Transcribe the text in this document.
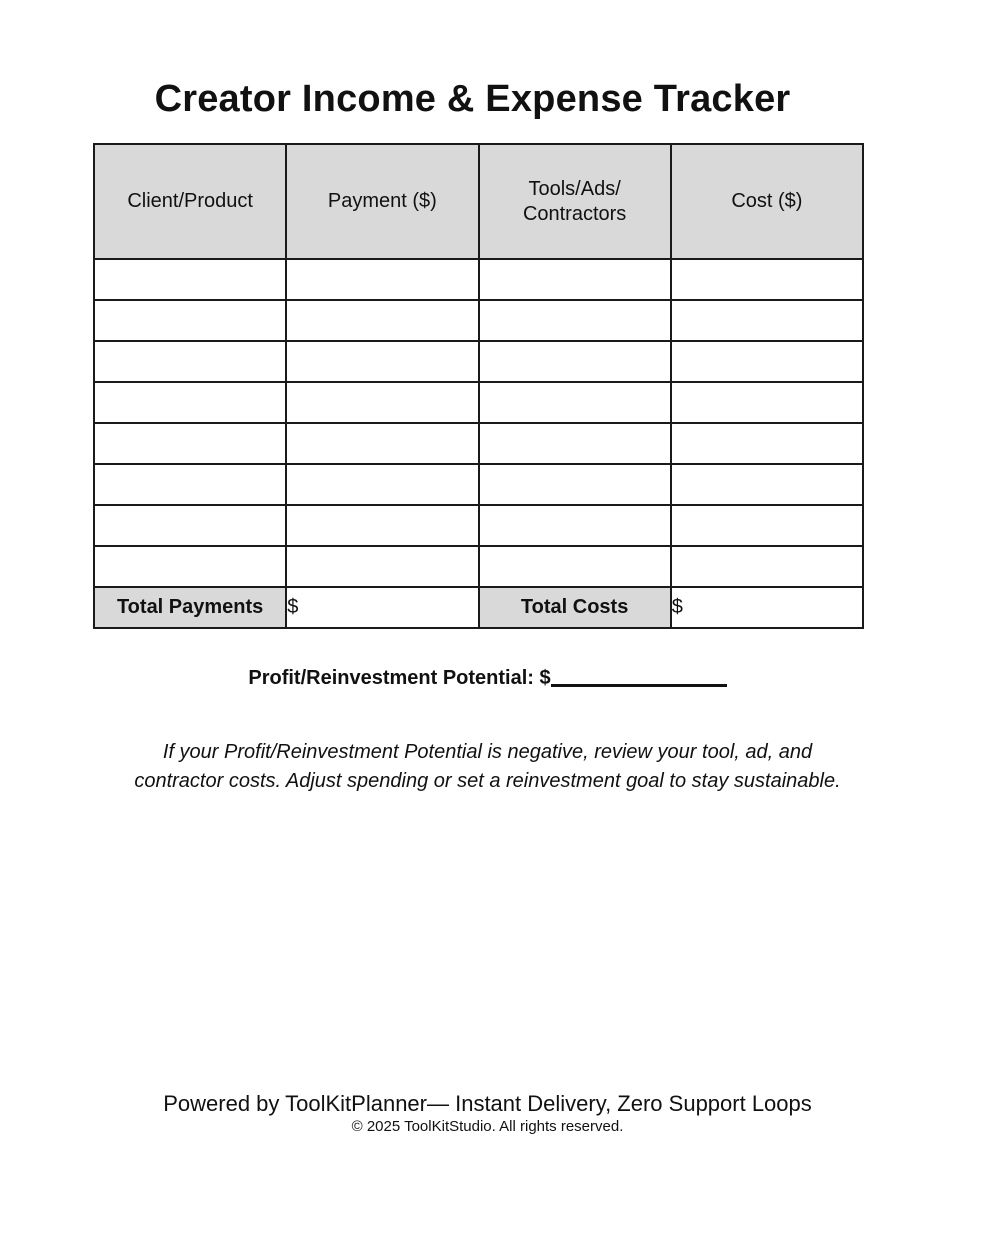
Creator Income & Expense Tracker
Client/Product	Payment ($)	Tools/Ads/ Contractors	Cost ($)

Total Payments	$	Total Costs	$
Profit/Reinvestment Potential: $
If your Profit/Reinvestment Potential is negative, review your tool, ad, and contractor costs. Adjust spending or set a reinvestment goal to stay sustainable.
Powered by ToolKitPlanner— Instant Delivery, Zero Support Loops
© 2025 ToolKitStudio. All rights reserved.
